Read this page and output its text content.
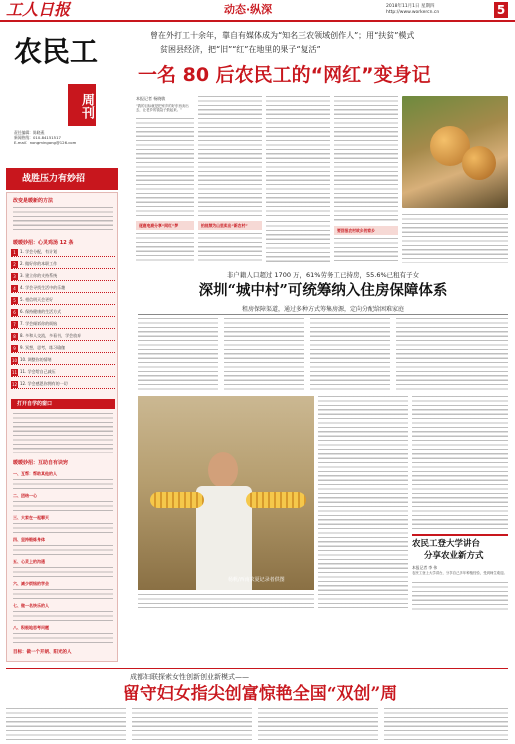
工人日报	动态·纵深	2018年11月1日 星期四
http://www.workercn.cn	5
农民工
周刊
责任编辑：陈晓燕
新闻热线：010-84151517
E-mail：nongmingong@126.com
曾在外打工十余年，靠自有媒体成为“知名三农领域创作人”；用“扶贫”模式
贫困县经济，把“旧”“红”在地里的果子“复活”
一名 80 后农民工的“网红”变身记
战胜压力有妙招
改变是暖新的方法
暖暖妙招：心灵鸡汤 12 条
1 1. 学会分配，有计划
2 2. 做好你的本职工作
3 3. 建立你的支持系统
4 4. 学会寻找生活中的乐趣
5 5. 相信明天会更好
6 6. 保持健康的生活方式
7 7. 学会倾诉你的烦恼
8 8. 多和人交流，多看书，学会放弃
9 9. 冥想，思考，练习瑜伽
10 10. 调整你的情绪
11 11. 学会给自己减压
12 12. 学会感恩你拥有的一切
打开自学的窗口
暖暖妙招：互助自有诀窍
一、互帮：帮助其他的人
二、团结一心
三、大家在一起聊天
四、坚持锻炼身体
五、心灵上的沟通
六、减少烦恼的学会
七、做一名快乐的人
八、积极地思考问题
目标：做一个开朗、阳光的人
本报记者 杨晓敏
“我的目标就是把家乡的好东西卖出去，让老乡的钱袋子鼓起来。”
逐鹿电商分享“网红”梦	拍视频为山里卖出“新农村”
要回报农村故乡的家乡
非户籍人口超过 1700 万，61%劳务工已持房，55.6%已租有子女
深圳“城中村”可统筹纳入住房保障体系
租房保障渠道，通过多种方式筹集房源，定向分配给困难家庭
杨帆/西南农夏记录者供图
农民工登大学讲台
分享农业新方式
本报记者 李 伟
农民工登上大学讲台，分享自己多年种植经验，受到师生欢迎。
成都妇联探索女性创新创业新模式——
留守妇女指尖创富惊艳全国“双创”周
